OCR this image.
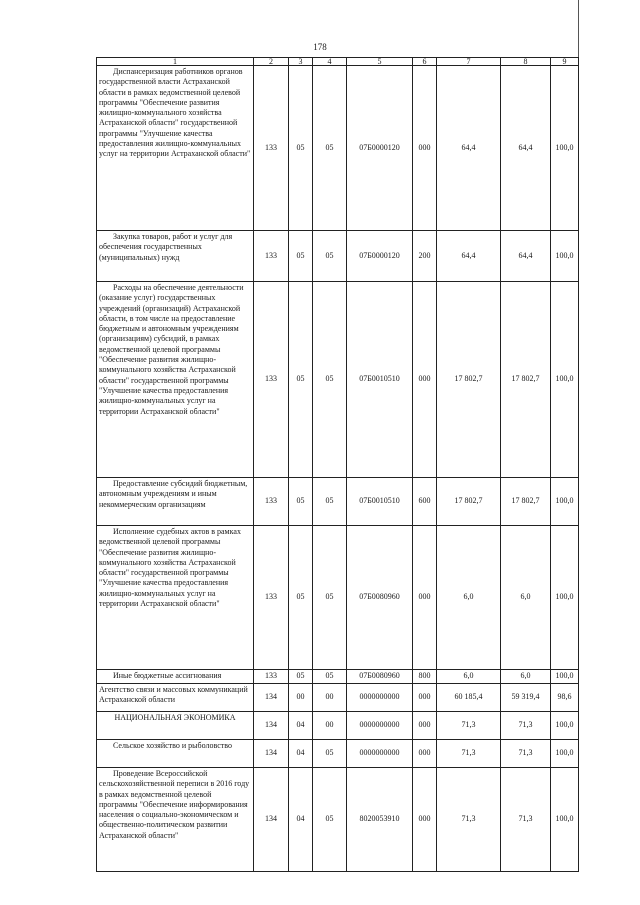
178
1	2	3	4	5	6	7	8	9
Диспансеризация работников органов государственной власти Астраханской области в рамках ведомственной целевой программы "Обеспечение развития жилищно-коммунального хозяйства Астраханской области" государственной программы "Улучшение качества предоставления жилищно-коммунальных услуг на территории Астраханской области"	133	05	05	07Б0000120	000	64,4	64,4	100,0
Закупка товаров, работ и услуг для обеспечения государственных (муниципальных) нужд	133	05	05	07Б0000120	200	64,4	64,4	100,0
Расходы на обеспечение деятельности (оказание услуг) государственных учреждений (организаций) Астраханской области, в том числе на предоставление бюджетным и автономным учреждениям (организациям) субсидий, в рамках ведомственной целевой программы "Обеспечение развития жилищно-коммунального хозяйства Астраханской области" государственной программы "Улучшение качества предоставления жилищно-коммунальных услуг на территории Астраханской области"	133	05	05	07Б0010510	000	17 802,7	17 802,7	100,0
Предоставление субсидий бюджетным, автономным учреждениям и иным некоммерческим организациям	133	05	05	07Б0010510	600	17 802,7	17 802,7	100,0
Исполнение судебных актов в рамках ведомственной целевой программы "Обеспечение развития жилищно-коммунального хозяйства Астраханской области" государственной программы "Улучшение качества предоставления жилищно-коммунальных услуг на территории Астраханской области"	133	05	05	07Б0080960	000	6,0	6,0	100,0
Иные бюджетные ассигнования	133	05	05	07Б0080960	800	6,0	6,0	100,0
Агентство связи и массовых коммуникаций Астраханской области	134	00	00	0000000000	000	60 185,4	59 319,4	98,6
НАЦИОНАЛЬНАЯ ЭКОНОМИКА	134	04	00	0000000000	000	71,3	71,3	100,0
Сельское хозяйство и рыболовство	134	04	05	0000000000	000	71,3	71,3	100,0
Проведение Всероссийской сельскохозяйственной переписи в 2016 году в рамках ведомственной целевой программы "Обеспечение информирования населения о социально-экономическом и общественно-политическом развитии Астраханской области"	134	04	05	8020053910	000	71,3	71,3	100,0
